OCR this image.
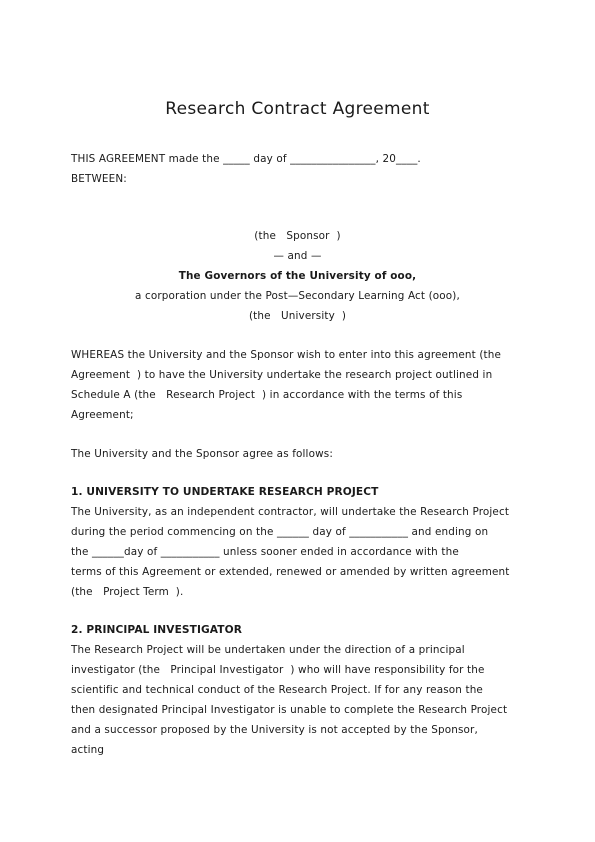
Research Contract Agreement
THIS AGREEMENT made the _____ day of ________________, 20____.
BETWEEN:
(the   Sponsor  )
— and —
The Governors of the University of ooo,
a corporation under the Post—Secondary Learning Act (ooo),
(the   University  )
WHEREAS the University and the Sponsor wish to enter into this agreement (the
Agreement  ) to have the University undertake the research project outlined in
Schedule A (the   Research Project  ) in accordance with the terms of this
Agreement;
The University and the Sponsor agree as follows:
1. UNIVERSITY TO UNDERTAKE RESEARCH PROJECT
The University, as an independent contractor, will undertake the Research Project
during the period commencing on the ______ day of ___________ and ending on
the ______day of ___________ unless sooner ended in accordance with the
terms of this Agreement or extended, renewed or amended by written agreement
(the   Project Term  ).
2. PRINCIPAL INVESTIGATOR
The Research Project will be undertaken under the direction of a principal
investigator (the   Principal Investigator  ) who will have responsibility for the
scientific and technical conduct of the Research Project. If for any reason the
then designated Principal Investigator is unable to complete the Research Project
and a successor proposed by the University is not accepted by the Sponsor,
acting
